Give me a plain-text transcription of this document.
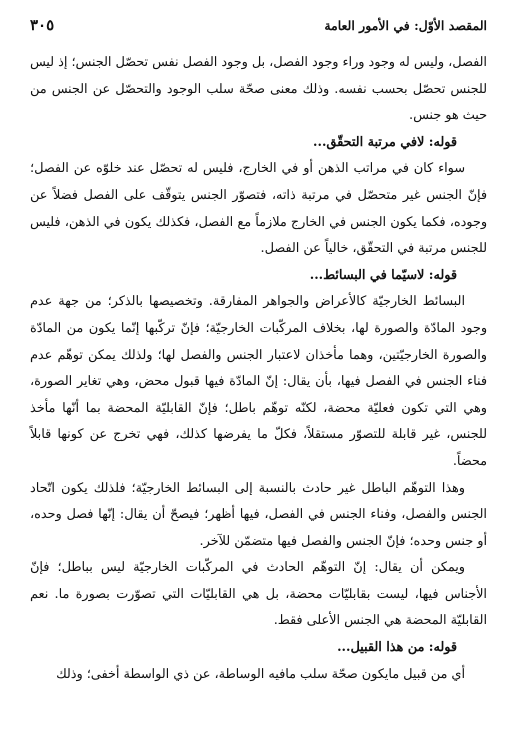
المقصد الأوّل: في الأمور العامة
٣٠٥

الفصل، وليس له وجود وراء وجود الفصل، بل وجود الفصل نفس تحصّل الجنس؛ إذ ليس للجنس تحصّل بحسب نفسه. وذلك معنى صحّة سلب الوجود والتحصّل عن الجنس من حيث هو جنس.

قوله: لافي مرتبة التحقّق...

سواء كان في مراتب الذهن أو في الخارج، فليس له تحصّل عند خلوّه عن الفصل؛ فإنّ الجنس غير متحصّل في مرتبة ذاته، فتصوّر الجنس يتوقّف على الفصل فضلاً عن وجوده، فكما يكون الجنس في الخارج ملازماً مع الفصل، فكذلك يكون في الذهن، فليس للجنس مرتبة في التحقّق، خالياً عن الفصل.

قوله: لاسيّما في البسائط...

البسائط الخارجيّة كالأعراض والجواهر المفارقة. وتخصيصها بالذكر؛ من جهة عدم وجود المادّة والصورة لها، بخلاف المركّبات الخارجيّة؛ فإنّ تركّبها إنّما يكون من المادّة والصورة الخارجيّتين، وهما مأخذان لاعتبار الجنس والفصل لها؛ ولذلك يمكن توهّم عدم فناء الجنس في الفصل فيها، بأن يقال: إنّ المادّة فيها قبول محض، وهي تغاير الصورة، وهي التي تكون فعليّة محضة، لكنّه توهّم باطل؛ فإنّ القابليّة المحضة بما أنّها مأخذ للجنس، غير قابلة للتصوّر مستقلاً، فكلّ ما يفرضها كذلك، فهي تخرج عن كونها قابلاً محضاً.

وهذا التوهّم الباطل غير حادث بالنسبة إلى البسائط الخارجيّة؛ فلذلك يكون اتّحاد الجنس والفصل، وفناء الجنس في الفصل، فيها أظهر؛ فيصحّ أن يقال: إنّها فصل وحده، أو جنس وحده؛ فإنّ الجنس والفصل فيها متضمّن للآخر.

ويمكن أن يقال: إنّ التوهّم الحادث في المركّبات الخارجيّة ليس بباطل؛ فإنّ الأجناس فيها، ليست بقابليّات محضة، بل هي القابليّات التي تصوّرت بصورة ما. نعم القابليّة المحضة هي الجنس الأعلى فقط.

قوله: من هذا القبيل...

أي من قبيل مايكون صحّة سلب مافيه الوساطة، عن ذي الواسطة أخفى؛ وذلك
